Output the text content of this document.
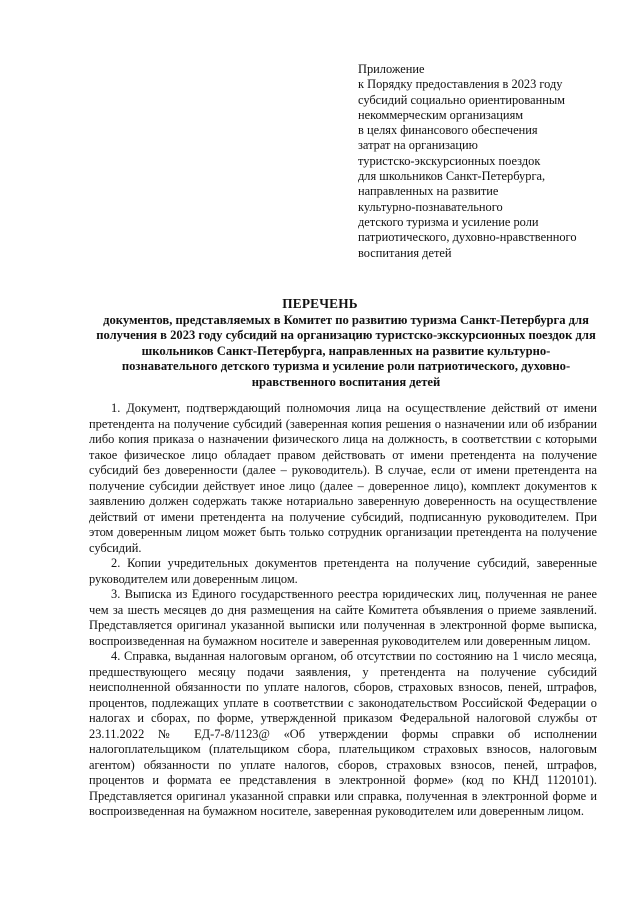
Приложение
к Порядку предоставления в 2023 году
субсидий социально ориентированным
некоммерческим организациям
в целях финансового обеспечения
затрат на организацию
туристско-экскурсионных поездок
для школьников Санкт-Петербурга,
направленных на развитие
культурно-познавательного
детского туризма и усиление роли
патриотического, духовно-нравственного
воспитания детей
ПЕРЕЧЕНЬ
документов, представляемых в Комитет по развитию туризма Санкт-Петербурга для получения в 2023 году субсидий на организацию туристско-экскурсионных поездок для школьников Санкт-Петербурга, направленных на развитие культурно-познавательного детского туризма и усиление роли патриотического, духовно-нравственного воспитания детей

1. Документ, подтверждающий полномочия лица на осуществление действий от имени претендента на получение субсидий (заверенная копия решения о назначении или об избрании либо копия приказа о назначении физического лица на должность, в соответствии с которыми такое физическое лицо обладает правом действовать от имени претендента на получение субсидий без доверенности (далее – руководитель). В случае, если от имени претендента на получение субсидии действует иное лицо (далее – доверенное лицо), комплект документов к заявлению должен содержать также нотариально заверенную доверенность на осуществление действий от имени претендента на получение субсидий, подписанную руководителем. При этом доверенным лицом может быть только сотрудник организации претендента на получение субсидий.

2. Копии учредительных документов претендента на получение субсидий, заверенные руководителем или доверенным лицом.

3. Выписка из Единого государственного реестра юридических лиц, полученная не ранее чем за шесть месяцев до дня размещения на сайте Комитета объявления о приеме заявлений. Представляется оригинал указанной выписки или полученная в электронной форме выписка, воспроизведенная на бумажном носителе и заверенная руководителем или доверенным лицом.

4. Справка, выданная налоговым органом, об отсутствии по состоянию на 1 число месяца, предшествующего месяцу подачи заявления, у претендента на получение субсидий неисполненной обязанности по уплате налогов, сборов, страховых взносов, пеней, штрафов, процентов, подлежащих уплате в соответствии с законодательством Российской Федерации о налогах и сборах, по форме, утвержденной приказом Федеральной налоговой службы от 23.11.2022 № ЕД-7-8/1123@ «Об утверждении формы справки об исполнении налогоплательщиком (плательщиком сбора, плательщиком страховых взносов, налоговым агентом) обязанности по уплате налогов, сборов, страховых взносов, пеней, штрафов, процентов и формата ее представления в электронной форме» (код по КНД 1120101). Представляется оригинал указанной справки или справка, полученная в электронной форме и воспроизведенная на бумажном носителе, заверенная руководителем или доверенным лицом.
